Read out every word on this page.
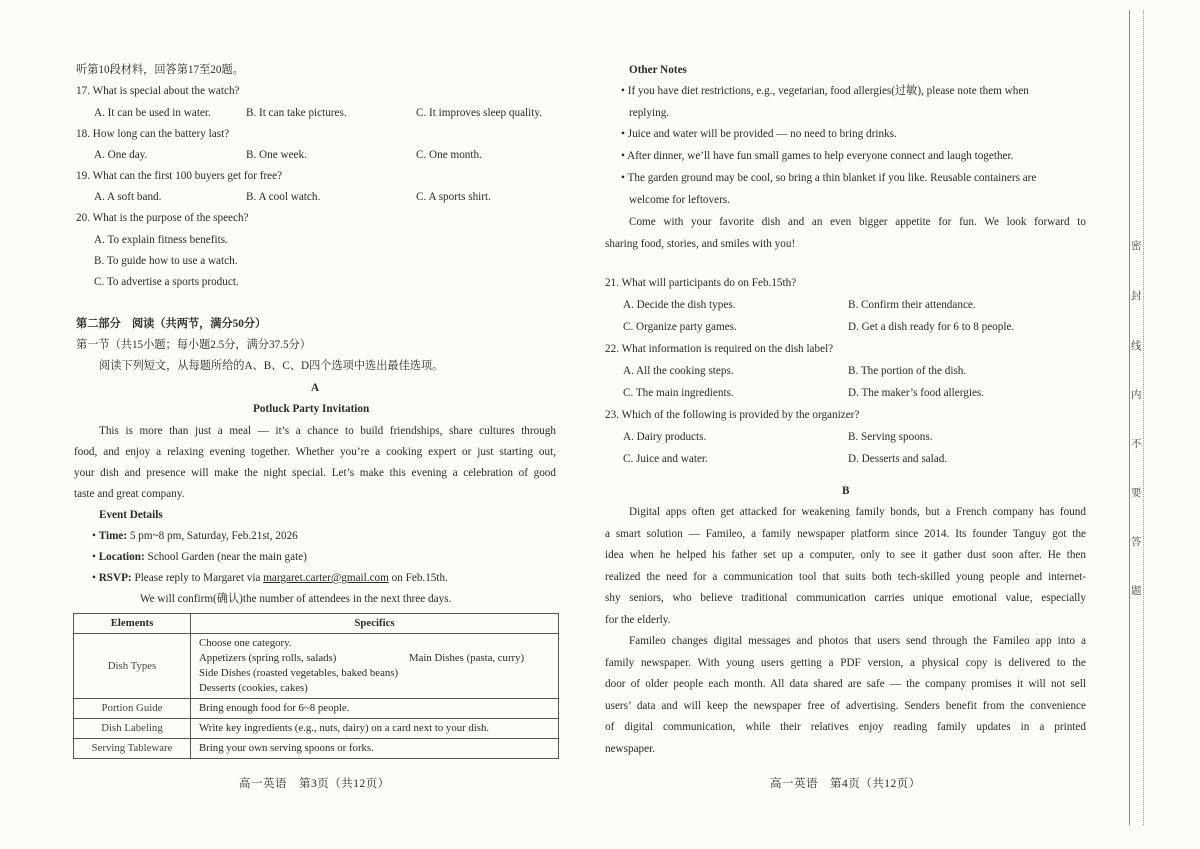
听第10段材料，回答第17至20题。
17. What is special about the watch?
A. It can be used in water.	B. It can take pictures.	C. It improves sleep quality.
18. How long can the battery last?
A. One day.	B. One week.	C. One month.
19. What can the first 100 buyers get for free?
A. A soft band.	B. A cool watch.	C. A sports shirt.
20. What is the purpose of the speech?
A. To explain fitness benefits.
B. To guide how to use a watch.
C. To advertise a sports product.
第二部分　阅读（共两节，满分50分）
第一节（共15小题；每小题2.5分，满分37.5分）
阅读下列短文，从每题所给的A、B、C、D四个选项中选出最佳选项。
A
Potluck Party Invitation
This is more than just a meal — it’s a chance to build friendships, share cultures through
food, and enjoy a relaxing evening together. Whether you’re a cooking expert or just starting out,
your dish and presence will make the night special. Let’s make this evening a celebration of good
taste and great company.
Event Details
• Time: 5 pm~8 pm, Saturday, Feb.21st, 2026
• Location: School Garden (near the main gate)
• RSVP: Please reply to Margaret via margaret.carter@gmail.com on Feb.15th.
We will confirm(确认)the number of attendees in the next three days.
Elements	Specifics
Dish Types	Choose one category.
Appetizers (spring rolls, salads) Main Dishes (pasta, curry)
Side Dishes (roasted vegetables, baked beans)
Desserts (cookies, cakes)

Portion Guide	Bring enough food for 6~8 people.
Dish Labeling	Write key ingredients (e.g., nuts, dairy) on a card next to your dish.
Serving Tableware	Bring your own serving spoons or forks.
高一英语　第3页（共12页）
Other Notes
• If you have diet restrictions, e.g., vegetarian, food allergies(过敏), please note them when
replying.
• Juice and water will be provided — no need to bring drinks.
• After dinner, we’ll have fun small games to help everyone connect and laugh together.
• The garden ground may be cool, so bring a thin blanket if you like. Reusable containers are
welcome for leftovers.
Come with your favorite dish and an even bigger appetite for fun. We look forward to
sharing food, stories, and smiles with you!
21. What will participants do on Feb.15th?
A. Decide the dish types.	B. Confirm their attendance.
C. Organize party games.	D. Get a dish ready for 6 to 8 people.
22. What information is required on the dish label?
A. All the cooking steps.	B. The portion of the dish.
C. The main ingredients.	D. The maker’s food allergies.
23. Which of the following is provided by the organizer?
A. Dairy products.	B. Serving spoons.
C. Juice and water.	D. Desserts and salad.
B
Digital apps often get attacked for weakening family bonds, but a French company has found
a smart solution — Famileo, a family newspaper platform since 2014. Its founder Tanguy got the
idea when he helped his father set up a computer, only to see it gather dust soon after. He then
realized the need for a communication tool that suits both tech-skilled young people and internet-
shy seniors, who believe traditional communication carries unique emotional value, especially
for the elderly.
Famileo changes digital messages and photos that users send through the Famileo app into a
family newspaper. With young users getting a PDF version, a physical copy is delivered to the
door of older people each month. All data shared are safe — the company promises it will not sell
users’ data and will keep the newspaper free of advertising. Senders benefit from the convenience
of digital communication, while their relatives enjoy reading family updates in a printed
newspaper.
高一英语　第4页（共12页）
密
封
线
内
不
要
答
题
